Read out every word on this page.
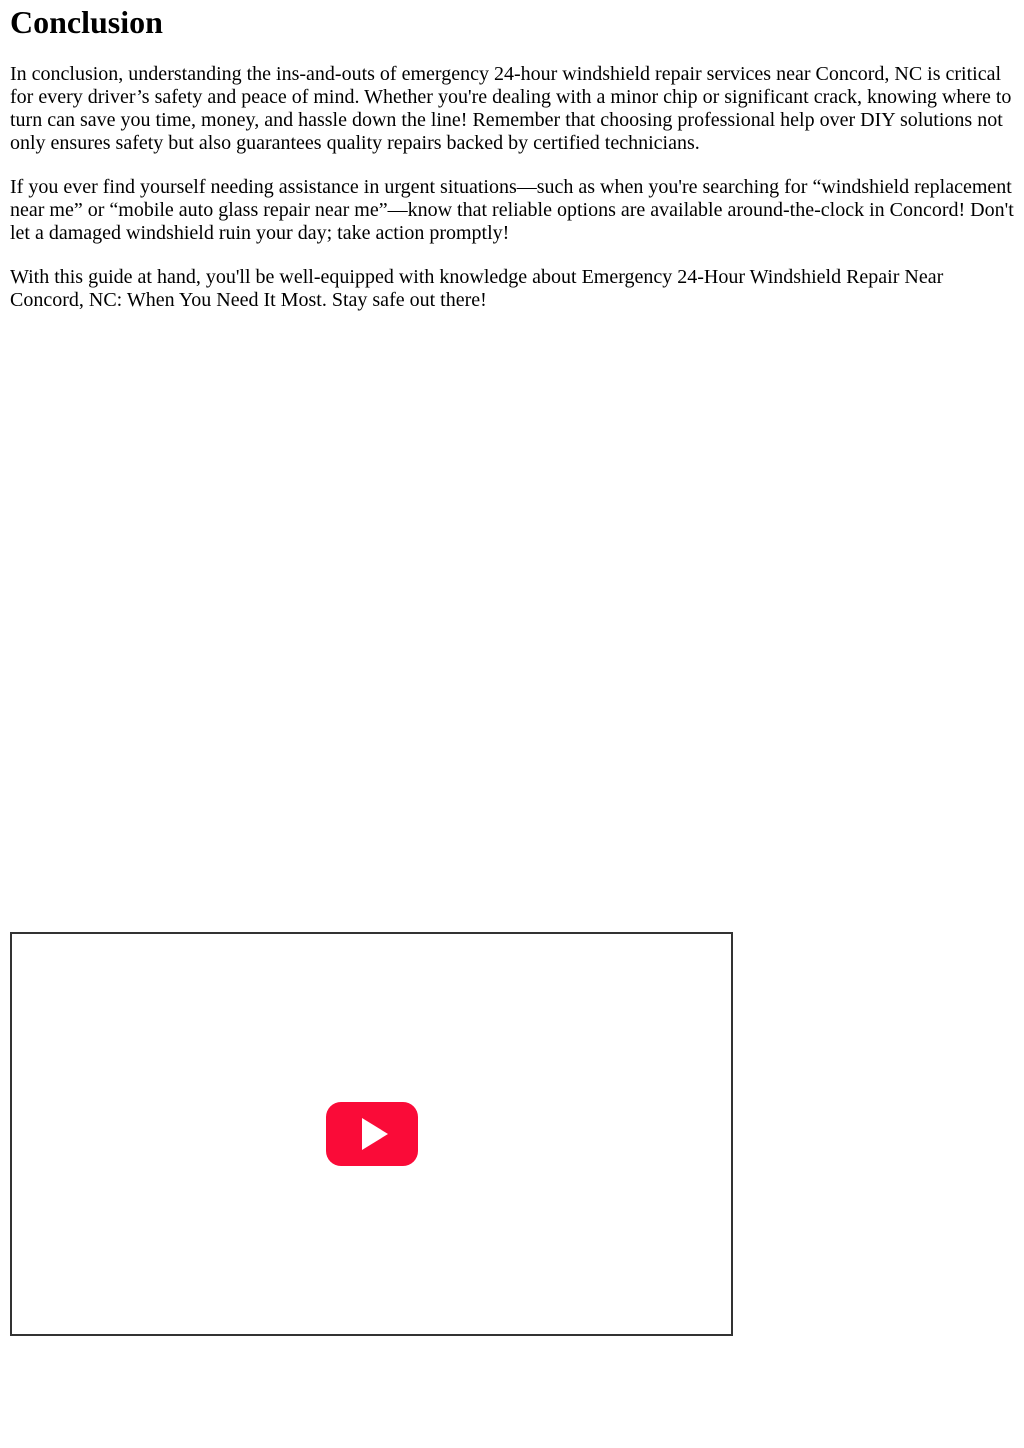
Conclusion

In conclusion, understanding the ins-and-outs of emergency 24-hour windshield repair services near Concord, NC is critical for every driver’s safety and peace of mind. Whether you're dealing with a minor chip or significant crack, knowing where to turn can save you time, money, and hassle down the line! Remember that choosing professional help over DIY solutions not only ensures safety but also guarantees quality repairs backed by certified technicians.

If you ever find yourself needing assistance in urgent situations—such as when you're searching for “windshield replacement near me” or “mobile auto glass repair near me”—know that reliable options are available around-the-clock in Concord! Don't let a damaged windshield ruin your day; take action promptly!

With this guide at hand, you'll be well-equipped with knowledge about Emergency 24-Hour Windshield Repair Near Concord, NC: When You Need It Most. Stay safe out there!
